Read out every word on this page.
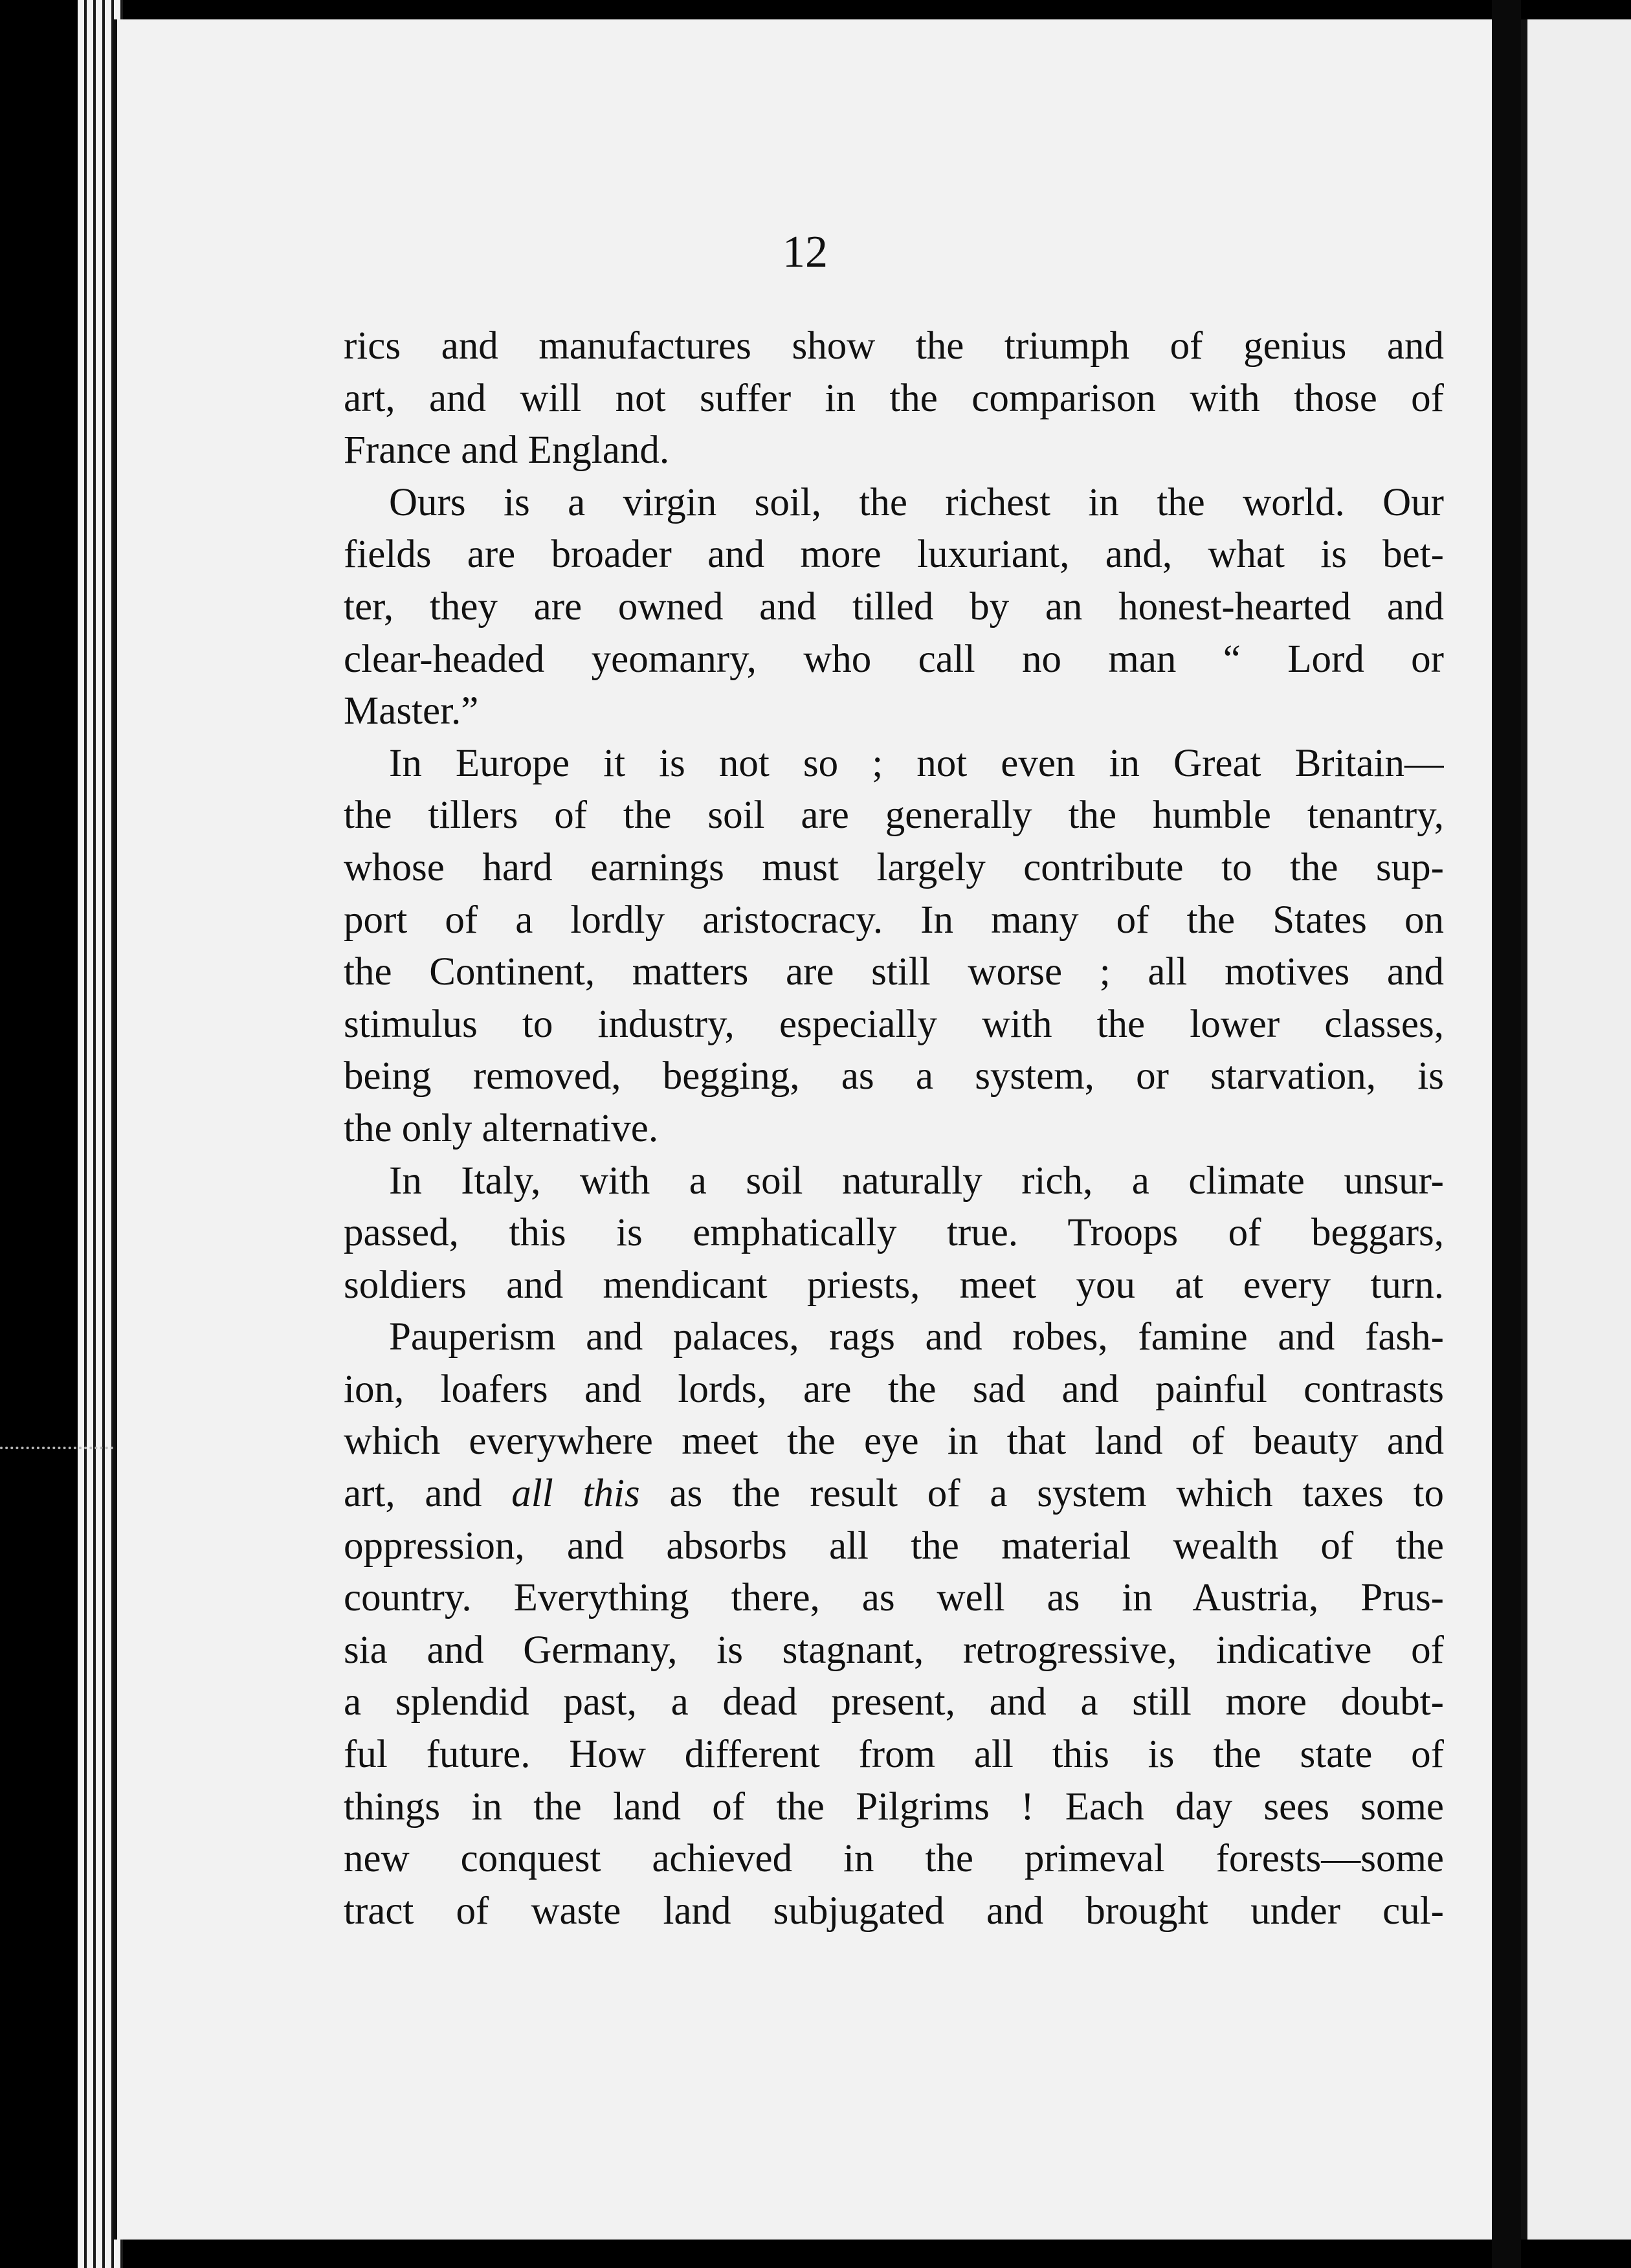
12
rics and manufactures show the triumph of genius and
art, and will not suffer in the comparison with those of
France and England.
Ours is a virgin soil, the richest in the world. Our
fields are broader and more luxuriant, and, what is bet-
ter, they are owned and tilled by an honest-hearted and
clear-headed yeomanry, who call no man “ Lord or
Master.”
In Europe it is not so ; not even in Great Britain—
the tillers of the soil are generally the humble tenantry,
whose hard earnings must largely contribute to the sup-
port of a lordly aristocracy. In many of the States on
the Continent, matters are still worse ; all motives and
stimulus to industry, especially with the lower classes,
being removed, begging, as a system, or starvation, is
the only alternative.
In Italy, with a soil naturally rich, a climate unsur-
passed, this is emphatically true. Troops of beggars,
soldiers and mendicant priests, meet you at every turn.
Pauperism and palaces, rags and robes, famine and fash-
ion, loafers and lords, are the sad and painful contrasts
which everywhere meet the eye in that land of beauty and
art, and all this as the result of a system which taxes to
oppression, and absorbs all the material wealth of the
country. Everything there, as well as in Austria, Prus-
sia and Germany, is stagnant, retrogressive, indicative of
a splendid past, a dead present, and a still more doubt-
ful future. How different from all this is the state of
things in the land of the Pilgrims ! Each day sees some
new conquest achieved in the primeval forests—some
tract of waste land subjugated and brought under cul-
